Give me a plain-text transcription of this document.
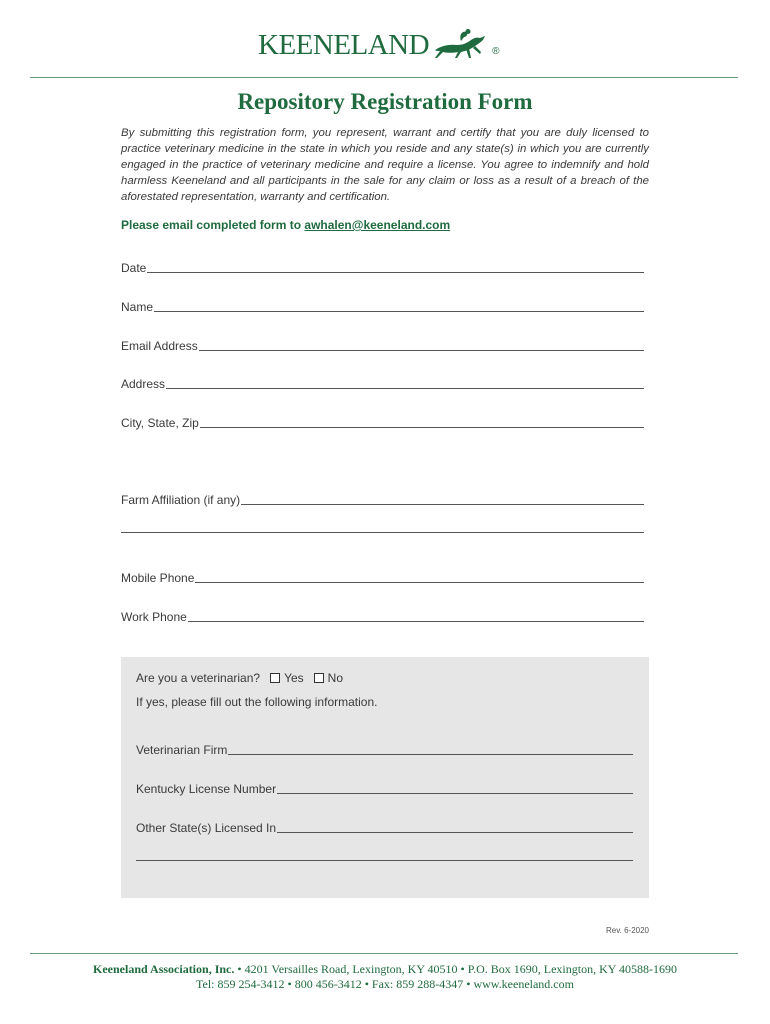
KEENELAND	®
Repository Registration Form
By submitting this registration form, you represent, warrant and certify that you are duly licensed to practice veterinary medicine in the state in which you reside and any state(s) in which you are currently engaged in the practice of veterinary medicine and require a license. You agree to indemnify and hold harmless Keeneland and all participants in the sale for any claim or loss as a result of a breach of the aforestated representation, warranty and certification.
Please email completed form to awhalen@keeneland.com
Date
Name
Email Address
Address
City, State, Zip
Farm Affiliation (if any)
Mobile Phone
Work Phone
Are you a veterinarian? Yes No
If yes, please fill out the following information.
Veterinarian Firm
Kentucky License Number
Other State(s) Licensed In
Rev. 6-2020
Keeneland Association, Inc. • 4201 Versailles Road, Lexington, KY 40510 • P.O. Box 1690, Lexington, KY 40588-1690
Tel: 859 254-3412 • 800 456-3412 • Fax: 859 288-4347 • www.keeneland.com
